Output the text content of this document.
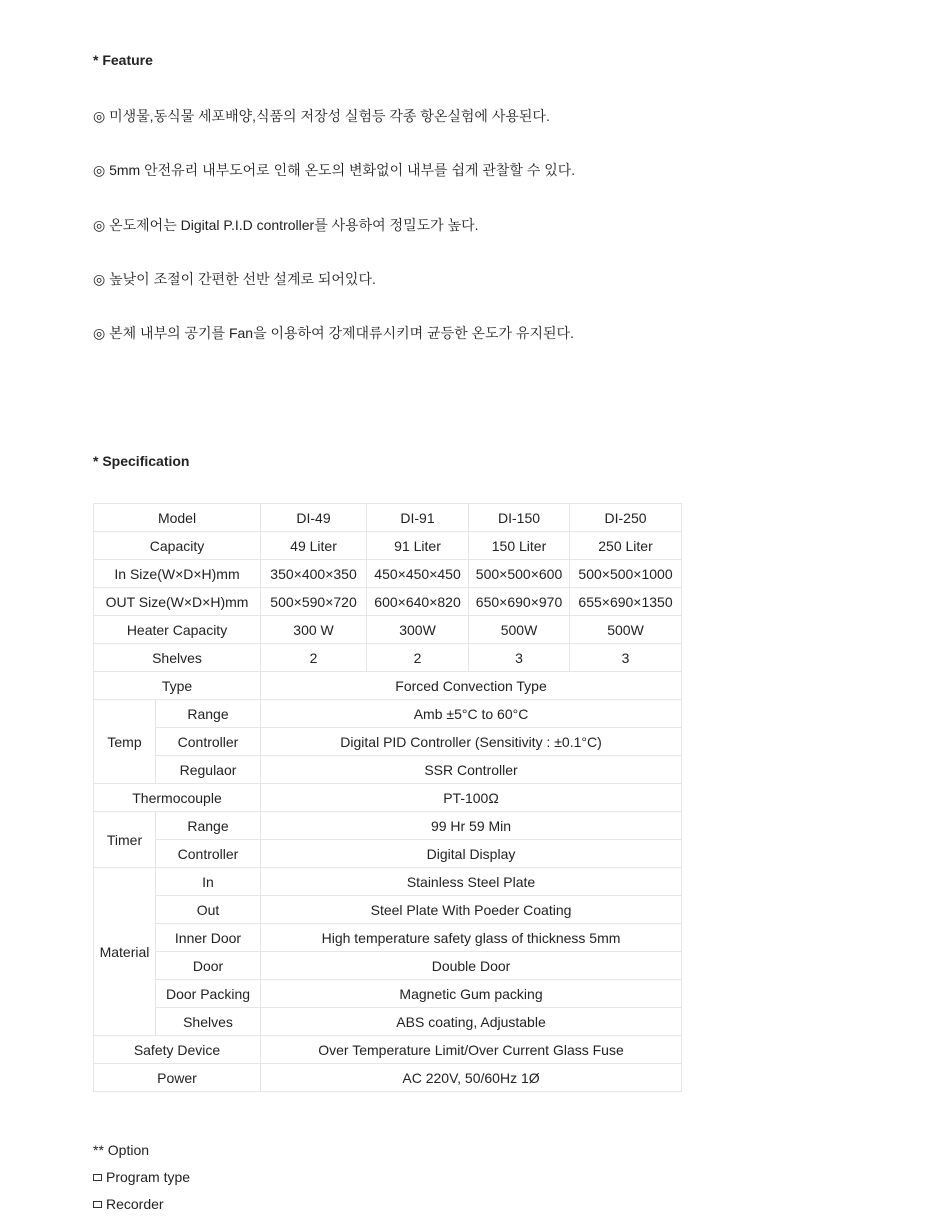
* Feature
◎ 미생물,동식물 세포배양,식품의 저장성 실험등 각종 항온실험에 사용된다.
◎ 5mm 안전유리 내부도어로 인해 온도의 변화없이 내부를 쉽게 관찰할 수 있다.
◎ 온도제어는 Digital P.I.D controller를 사용하여 정밀도가 높다.
◎ 높낮이 조절이 간편한 선반 설계로 되어있다.
◎ 본체 내부의 공기를 Fan을 이용하여 강제대류시키며 균등한 온도가 유지된다.
* Specification
Model		DI-49	DI-91	DI-150	DI-250
Capacity		49 Liter	91 Liter	150 Liter	250 Liter
In Size(W×D×H)mm		350×400×350	450×450×450	500×500×600	500×500×1000
OUT Size(W×D×H)mm		500×590×720	600×640×820	650×690×970	655×690×1350
Heater Capacity		300 W	300W	500W	500W
Shelves		2	2	3	3
Type		Forced Convection Type			
Temp	Range	Amb ±5°C to 60°C			
	Controller	Digital PID Controller (Sensitivity : ±0.1°C)			
	Regulaor	SSR Controller			
Thermocouple		PT-100Ω			
Timer	Range	99 Hr 59 Min			
	Controller	Digital Display			
Material	In	Stainless Steel Plate			
	Out	Steel Plate With Poeder Coating			
	Inner Door	High temperature safety glass of thickness 5mm			
	Door	Double Door			
	Door Packing	Magnetic Gum packing			
	Shelves	ABS coating, Adjustable			
Safety Device		Over Temperature Limit/Over Current Glass Fuse			
Power		AC 220V, 50/60Hz 1Ø			
** Option
Program type
Recorder
